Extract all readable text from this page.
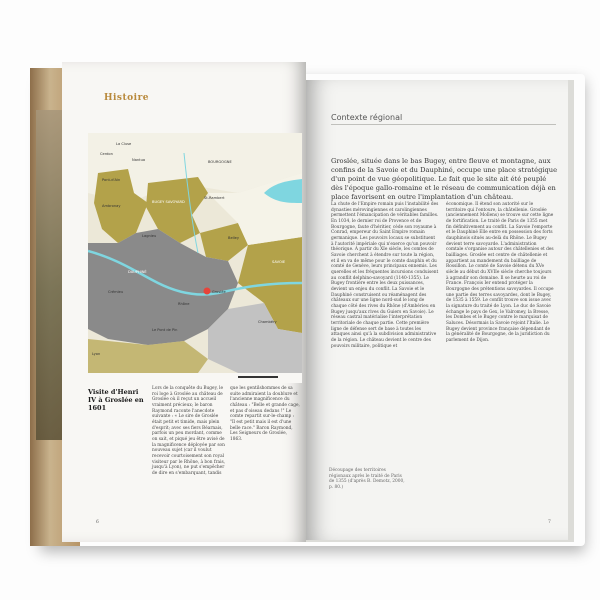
Histoire
La Cluse
Cerdon
Nantua	BOURGOGNE
Pont-d'Ain
Ambronay
BUGEY SAVOYARD
St-Rambert
Lagnieu	Belley
DAUPHINÉ
Crémieu	Groslée
SAVOIE
Chambéry
Le Pont de Pin
Lyon
Rhône
Visite d'Henri IV à Groslée en 1601
Lors de la conquête du Bugey, le roi loge à Groslée au château de Groslée où il reçut un accueil vraiment précieux; le baron Raymond raconte l'anecdote suivante : « Le sire de Groslée était petit et timide, mais plein d'esprit; avec ses fiers Béarnais, parfois un peu mordant, comme on sait, et piqué jeu être avisé de la magnificence déployée par son nouveau sujet (car il voulut recevoir courtoisement son royal visiteur par le Rhône, à bon frais, jusqu'à Lyon), ne put s'empêcher de dire en s'embarquant, tandis
que les gentilshommes de sa suite admiraient la doublure et l'ancienne magnificence du château : "Belle et grande cage, et pas d'oiseau dedans !" Le comte repartit sur-le-champ : "Il est petit mais il est d'une belle race." Baron Raymond, Les Seigneurs de Groslée, 1863.
6
Contexte régional
Groslée, située dans le bas Bugey, entre fleuve et montagne, aux confins de la Savoie et du Dauphiné, occupe une place stratégique d'un point de vue géopolitique. Le fait que le site ait été peuplé dès l'époque gallo-romaine et le réseau de communication déjà en place favorisent en outre l'implantation d'un château.
La chute de l'Empire romain puis l'instabilité des dynasties mérovingiennes et carolingiennes permettent l'émancipation de véritables familles. En 1034, le dernier roi de Provence et de Bourgogne, faute d'héritier, cède son royaume à Conrad, empereur du Saint Empire romain germanique. Les pouvoirs locaux se substituent à l'autorité impériale qui n'exerce qu'un pouvoir théorique. À partir du XIe siècle, les comtes de Savoie cherchent à étendre sur toute la région, et il en va de même pour le comte dauphin et du comté de Genève, leurs principaux ennemis. Les querelles et les fréquentes incursions conduisent au conflit delphino-savoyard (1140-1355). Le Bugey frontière entre les deux puissances, devient un enjeu du conflit. La Savoie et le Dauphiné construisent ou réaménagent des châteaux sur une ligne nord-sud le long de chaque côté des rives du Rhône (d'Ambérieu en Bugey jusqu'aux rives du Guiers en Savoie). Le réseau castral matérialise l'interprétation territoriale de chaque partie. Cette première ligne de défense sert de base à toutes les attaques ainsi qu'à la subdivision administrative de la région. Le château devient le centre des pouvoirs militaire, politique et
économique. Il étend son autorité sur le territoire qui l'entoure, la châtellenie. Groslée (anciennement Mollens) se trouve sur cette ligne de fortification. Le traité de Paris de 1355 met fin définitivement au conflit. La Savoie l'emporte et le Dauphiné Elle entre en possession des forts dauphinois situés au-delà du Rhône. Le Bugey devient terre savoyarde. L'administration comtale s'organise autour des châtellenies et des bailliages. Groslée est centre de châtellenie et appartient au mandement du bailliage de Rossillon. Le comté de Savoie détenu du XVe siècle au début du XVIIe siècle cherche toujours à agrandir son domaine. Il se heurte au roi de France. François Ier entend protéger la Bourgogne des prétentions savoyardes. Il occupe une partie des terres savoyardes, dont le Bugey, de 1535 à 1559. Le conflit trouve son issue avec la signature du traité de Lyon. Le duc de Savoie échange le pays de Gex, le Valromey, la Bresse, les Dombes et le Bugey contre le marquisat de Saluces. Désormais la Savoie rejoint l'Italie. Le Bugey devient province française dépendant de la généralité de Bourgogne, de la juridiction du parlement de Dijon.
Découpage des territoires régionaux après le traité de Paris de 1355 (d'après B. Demotz, 2000, p. 80.)
7
